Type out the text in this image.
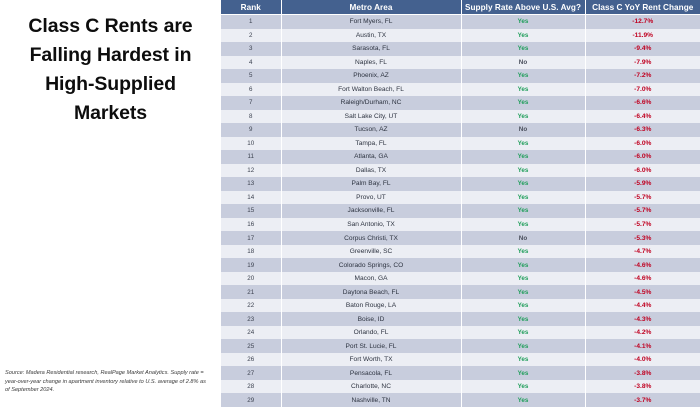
Class C Rents are Falling Hardest in High-Supplied Markets
Source: Madera Residential research, RealPage Market Analytics. Supply rate = year-over-year change in apartment inventory relative to U.S. average of 2.8% as of September 2024.
Rank	Metro Area	Supply Rate Above U.S. Avg?	Class C YoY Rent Change
1	Fort Myers, FL	Yes	-12.7%
2	Austin, TX	Yes	-11.9%
3	Sarasota, FL	Yes	-9.4%
4	Naples, FL	No	-7.9%
5	Phoenix, AZ	Yes	-7.2%
6	Fort Walton Beach, FL	Yes	-7.0%
7	Raleigh/Durham, NC	Yes	-6.6%
8	Salt Lake City, UT	Yes	-6.4%
9	Tucson, AZ	No	-6.3%
10	Tampa, FL	Yes	-6.0%
11	Atlanta, GA	Yes	-6.0%
12	Dallas, TX	Yes	-6.0%
13	Palm Bay, FL	Yes	-5.9%
14	Provo, UT	Yes	-5.7%
15	Jacksonville, FL	Yes	-5.7%
16	San Antonio, TX	Yes	-5.7%
17	Corpus Christi, TX	No	-5.3%
18	Greenville, SC	Yes	-4.7%
19	Colorado Springs, CO	Yes	-4.6%
20	Macon, GA	Yes	-4.6%
21	Daytona Beach, FL	Yes	-4.5%
22	Baton Rouge, LA	Yes	-4.4%
23	Boise, ID	Yes	-4.3%
24	Orlando, FL	Yes	-4.2%
25	Port St. Lucie, FL	Yes	-4.1%
26	Fort Worth, TX	Yes	-4.0%
27	Pensacola, FL	Yes	-3.8%
28	Charlotte, NC	Yes	-3.8%
29	Nashville, TN	Yes	-3.7%
